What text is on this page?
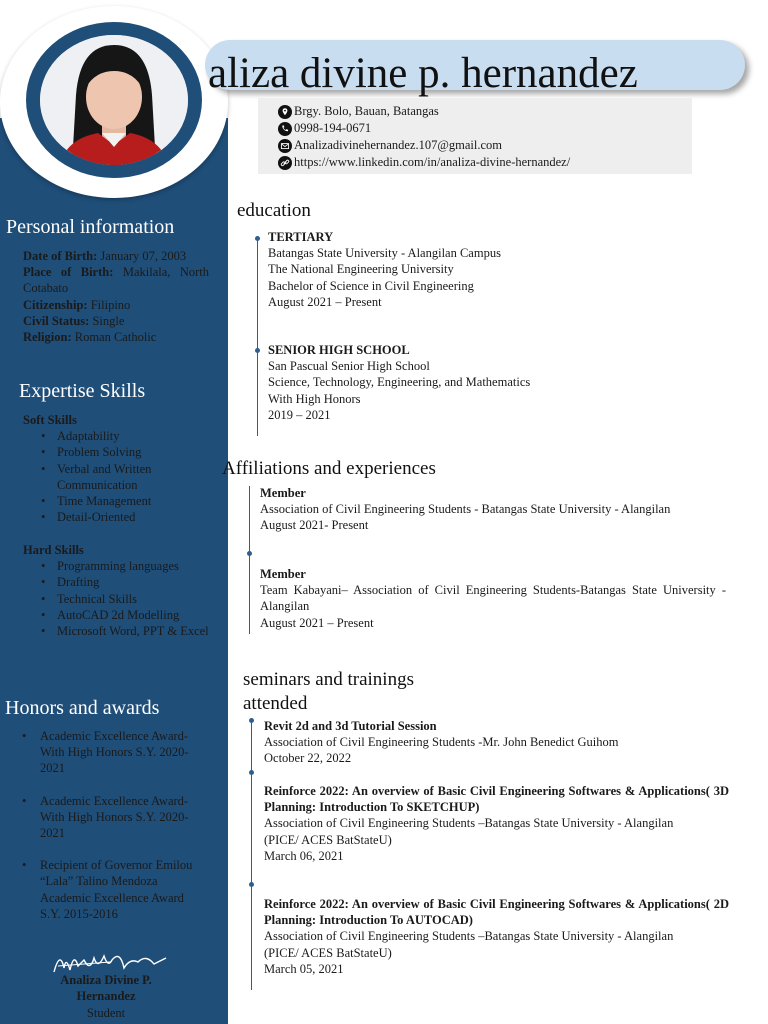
Personal information

Date of Birth: January 07, 2003

Place of Birth: Makilala, North Cotabato

Citizenship: Filipino

Civil Status: Single

Religion: Roman Catholic

Expertise Skills
Soft Skills
• Adaptability
• Problem Solving
• Verbal and Written Communication
• Time Management
• Detail-Oriented
Hard Skills
• Programming languages
• Drafting
• Technical Skills
• AutoCAD 2d Modelling
• Microsoft Word, PPT & Excel
Honors and awards
• Academic Excellence Award-With High Honors S.Y. 2020-2021
• Academic Excellence Award-With High Honors S.Y. 2020-2021
• Recipient of Governor Emilou “Lala” Talino Mendoza Academic Excellence Award S.Y. 2015-2016
Analiza Divine P.
Hernandez
Student
aliza divine p. hernandez
Brgy. Bolo, Bauan, Batangas
0998-194-0671
Analizadivinehernandez.107@gmail.com
https://www.linkedin.com/in/analiza-divine-hernandez/
education

TERTIARY

Batangas State University - Alangilan Campus

The National Engineering University

Bachelor of Science in Civil Engineering

August 2021 – Present

SENIOR HIGH SCHOOL

San Pascual Senior High School

Science, Technology, Engineering, and Mathematics

With High Honors

2019 – 2021

Affiliations and experiences

Member

Association of Civil Engineering Students - Batangas State University - Alangilan

August 2021- Present

Member

Team Kabayani– Association of Civil Engineering Students-Batangas State University - Alangilan

August 2021 – Present

seminars and trainings
attended

Revit 2d and 3d Tutorial Session

Association of Civil Engineering Students -Mr. John Benedict Guihom

October 22, 2022

Reinforce 2022: An overview of Basic Civil Engineering Softwares & Applications( 3D Planning: Introduction To SKETCHUP)

Association of Civil Engineering Students –Batangas State University - Alangilan

(PICE/ ACES BatStateU)

March 06, 2021

Reinforce 2022: An overview of Basic Civil Engineering Softwares & Applications( 2D Planning: Introduction To AUTOCAD)

Association of Civil Engineering Students –Batangas State University - Alangilan

(PICE/ ACES BatStateU)

March 05, 2021
